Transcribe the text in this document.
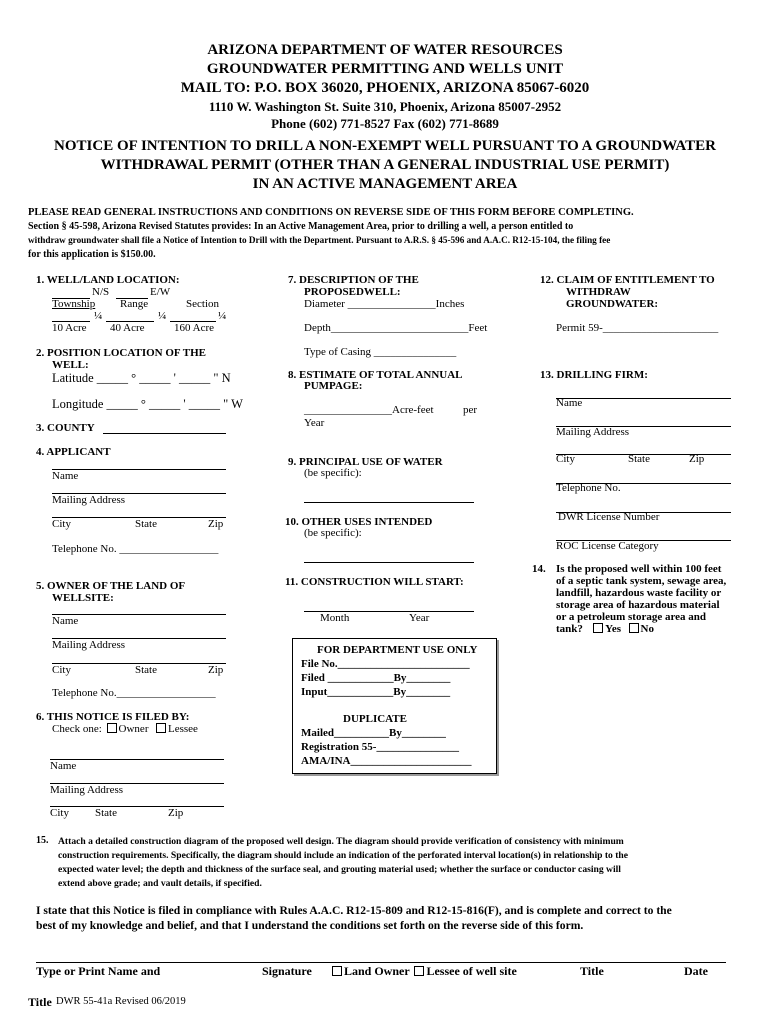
ARIZONA DEPARTMENT OF WATER RESOURCES
GROUNDWATER PERMITTING AND WELLS UNIT
MAIL TO: P.O. BOX 36020, PHOENIX, ARIZONA 85067-6020
1110 W. Washington St. Suite 310, Phoenix, Arizona 85007-2952
Phone (602) 771-8527 Fax (602) 771-8689
NOTICE OF INTENTION TO DRILL A NON-EXEMPT WELL PURSUANT TO A GROUNDWATER
WITHDRAWAL PERMIT (OTHER THAN A GENERAL INDUSTRIAL USE PERMIT)
IN AN ACTIVE MANAGEMENT AREA
PLEASE READ GENERAL INSTRUCTIONS AND CONDITIONS ON REVERSE SIDE OF THIS FORM BEFORE COMPLETING.
Section § 45-598, Arizona Revised Statutes provides: In an Active Management Area, prior to drilling a well, a person entitled to
withdraw groundwater shall file a Notice of Intention to Drill with the Department. Pursuant to A.R.S. § 45-596 and A.A.C. R12-15-104, the filing fee
for this application is $150.00.
1. WELL/LAND LOCATION:
N/S	E/W
Township Range	Section
¼	¼	¼
10 Acre 40 Acre	160 Acre
2. POSITION LOCATION OF THE
WELL:
Latitude _____ ° _____ ' _____ " N
Longitude _____ ° _____ ' _____ " W
3. COUNTY
4. APPLICANT
Name
Mailing Address
City	State	Zip
Telephone No. __________________
5. OWNER OF THE LAND OF
WELLSITE:
Name
Mailing Address
City	State	Zip
Telephone No.__________________
6. THIS NOTICE IS FILED BY:
Check one: Owner Lessee
Name
Mailing Address
City State	Zip
7. DESCRIPTION OF THE
PROPOSEDWELL:
Diameter ________________Inches
Depth_________________________Feet
Type of Casing _______________
8. ESTIMATE OF TOTAL ANNUAL
PUMPAGE:
________________Acre-feet	per
Year
9. PRINCIPAL USE OF WATER
(be specific):
10. OTHER USES INTENDED
(be specific):
11. CONSTRUCTION WILL START:
Month	Year
FOR DEPARTMENT USE ONLY
File No.________________________
Filed ____________By________
Input____________By________
DUPLICATE
Mailed__________By________
Registration 55-_______________
AMA/INA______________________
12. CLAIM OF ENTITLEMENT TO
WITHDRAW
GROUNDWATER:
Permit 59-_____________________
13. DRILLING FIRM:
Name
Mailing Address
City	State	Zip
Telephone No.
DWR License Number
ROC License Category
14. Is the proposed well within 100 feet
of a septic tank system, sewage area,
landfill, hazardous waste facility or
storage area of hazardous material
or a petroleum storage area and
tank? Yes No
15. Attach a detailed construction diagram of the proposed well design. The diagram should provide verification of consistency with minimum
construction requirements. Specifically, the diagram should include an indication of the perforated interval location(s) in relationship to the
expected water level; the depth and thickness of the surface seal, and grouting material used; whether the surface or conductor casing will
extend above grade; and vault details, if specified.
I state that this Notice is filed in compliance with Rules A.A.C. R12-15-809 and R12-15-816(F), and is complete and correct to the
best of my knowledge and belief, and that I understand the conditions set forth on the reverse side of this form.
Type or Print Name and	Signature	Land Owner Lessee of well site	Title	Date
Title DWR 55-41a Revised 06/2019
